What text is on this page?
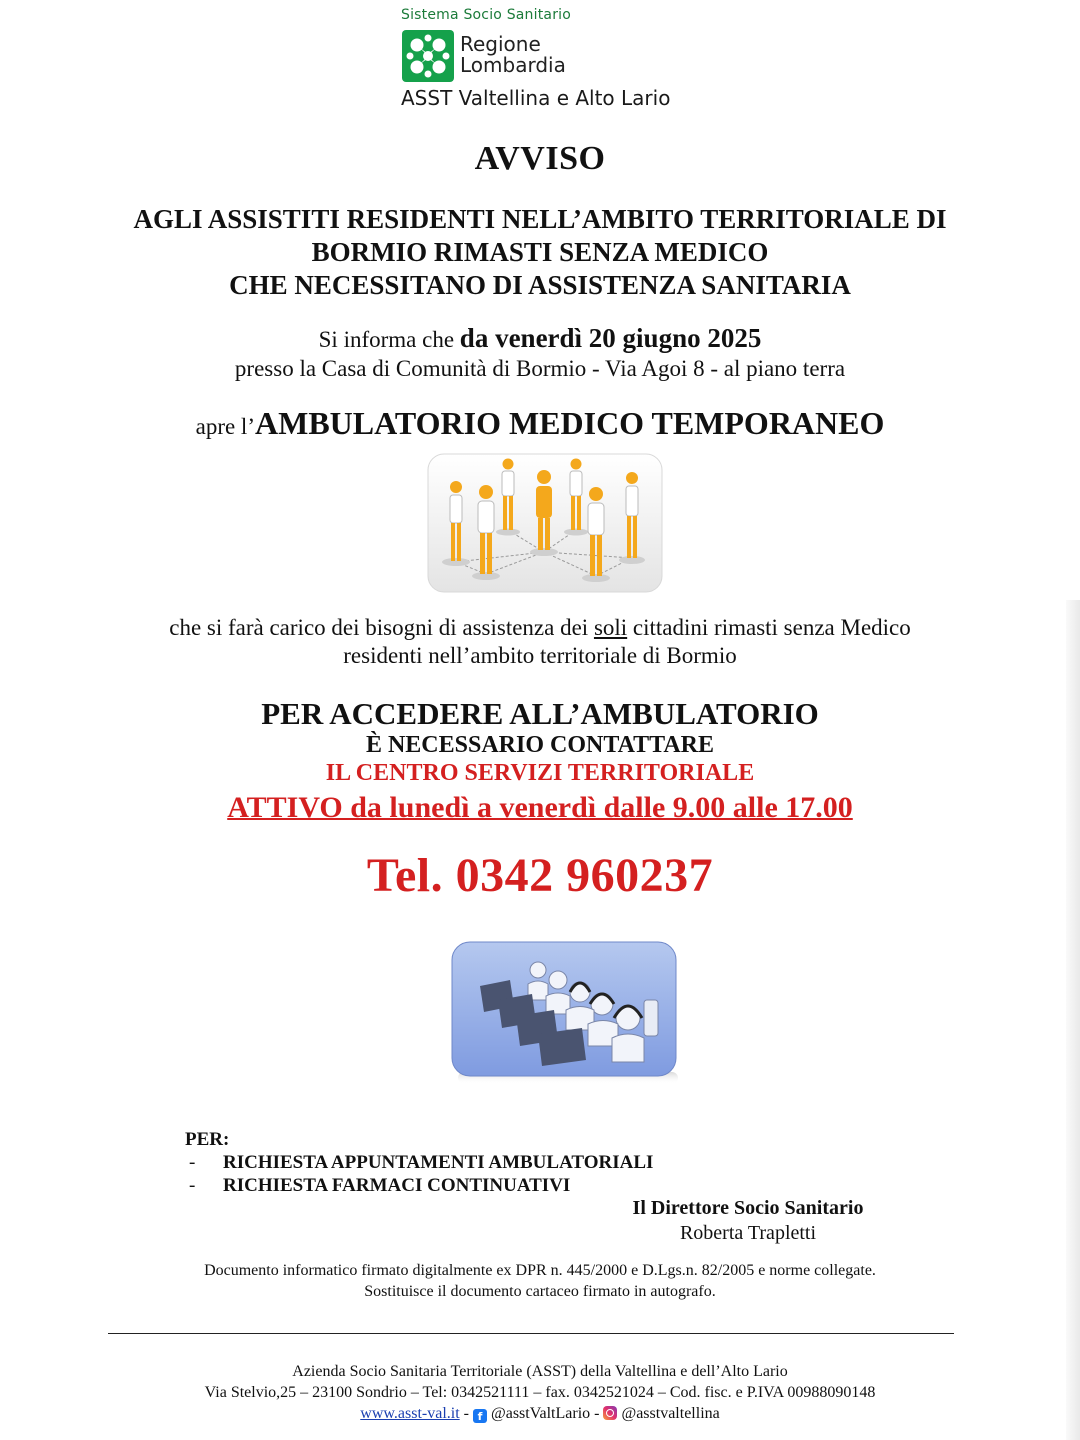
Sistema Socio Sanitario
Regione
Lombardia
ASST Valtellina e Alto Lario
AVVISO
AGLI ASSISTITI RESIDENTI NELL’AMBITO TERRITORIALE DI
BORMIO RIMASTI SENZA MEDICO
CHE NECESSITANO DI ASSISTENZA SANITARIA
Si informa che da venerdì 20 giugno 2025
presso la Casa di Comunità di Bormio - Via Agoi 8 - al piano terra
apre l’AMBULATORIO MEDICO TEMPORANEO
che si farà carico dei bisogni di assistenza dei soli cittadini rimasti senza Medico
residenti nell’ambito territoriale di Bormio
PER ACCEDERE ALL’AMBULATORIO
È NECESSARIO CONTATTARE
IL CENTRO SERVIZI TERRITORIALE
ATTIVO da lunedì a venerdì dalle 9.00 alle 17.00
Tel. 0342 960237
PER:
- RICHIESTA APPUNTAMENTI AMBULATORIALI
- RICHIESTA FARMACI CONTINUATIVI
Il Direttore Socio Sanitario
Roberta Trapletti
Documento informatico firmato digitalmente ex DPR n. 445/2000 e D.Lgs.n. 82/2005 e norme collegate.
Sostituisce il documento cartaceo firmato in autografo.
Azienda Socio Sanitaria Territoriale (ASST) della Valtellina e dell’Alto Lario
Via Stelvio,25 – 23100 Sondrio – Tel: 0342521111 – fax. 0342521024 – Cod. fisc. e P.IVA 00988090148
www.asst-val.it - f @asstValtLario - @asstvaltellina
